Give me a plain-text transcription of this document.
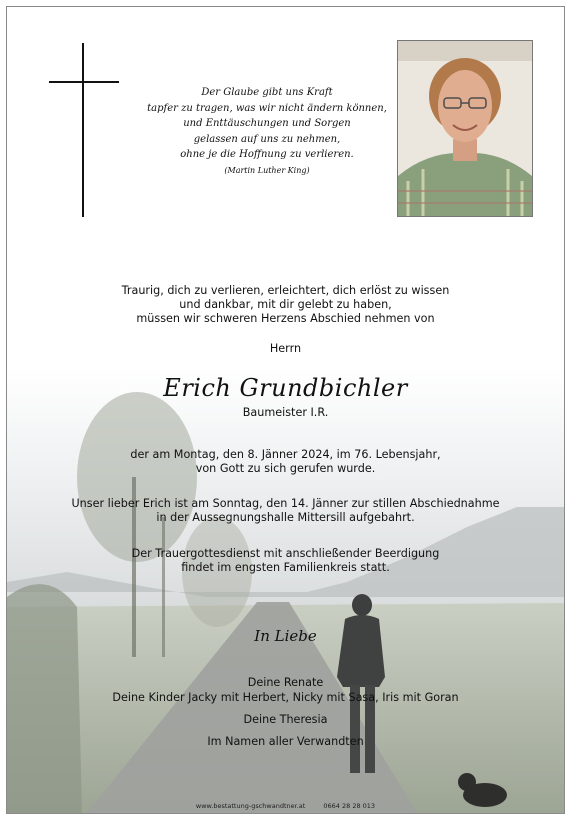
Der Glaube gibt uns Kraft
tapfer zu tragen, was wir nicht ändern können,
und Enttäuschungen und Sorgen
gelassen auf uns zu nehmen,
ohne je die Hoffnung zu verlieren.
(Martin Luther King)
Traurig, dich zu verlieren, erleichtert, dich erlöst zu wissen
und dankbar, mit dir gelebt zu haben,
müssen wir schweren Herzens Abschied nehmen von
Herrn
Erich Grundbichler
Baumeister I.R.
der am Montag, den 8. Jänner 2024, im 76. Lebensjahr,
von Gott zu sich gerufen wurde.
Unser lieber Erich ist am Sonntag, den 14. Jänner zur stillen Abschiednahme
in der Aussegnungshalle Mittersill aufgebahrt.
Der Trauergottesdienst mit anschließender Beerdigung
findet im engsten Familienkreis statt.
In Liebe
Deine Renate
Deine Kinder Jacky mit Herbert, Nicky mit Sasa, Iris mit Goran
Deine Theresia
Im Namen aller Verwandten
www.bestattung-gschwandtner.at	0664 28 28 013
